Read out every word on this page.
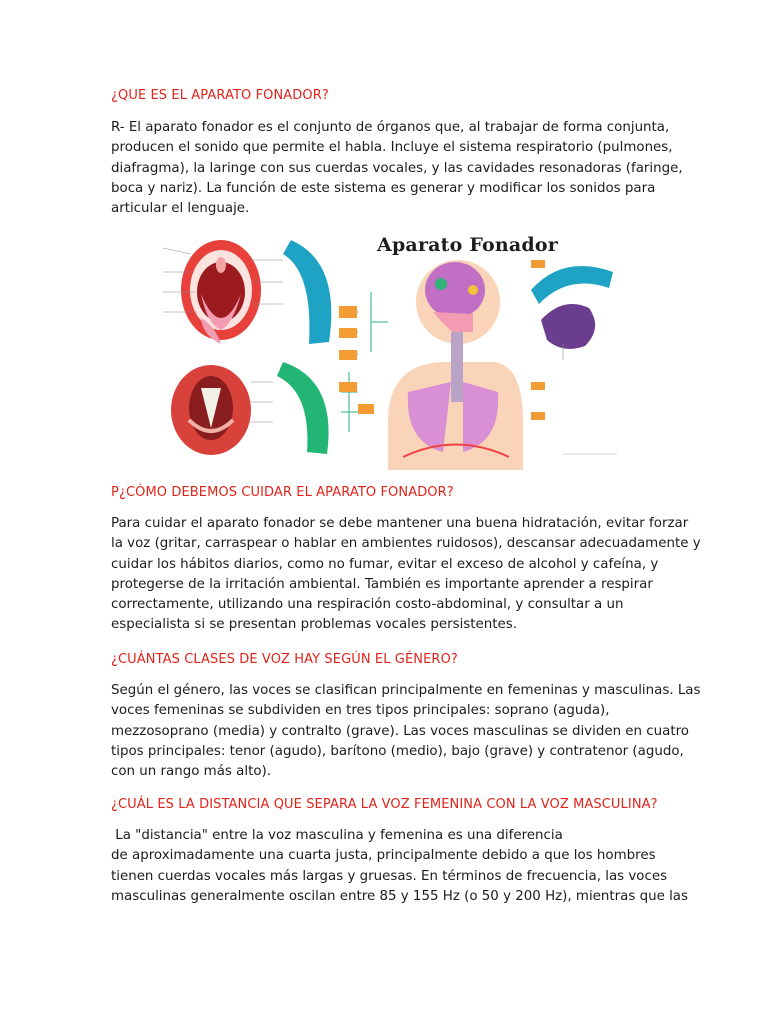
¿QUE ES EL APARATO FONADOR?

R- El aparato fonador es el conjunto de órganos que, al trabajar de forma conjunta,

producen el sonido que permite el habla. Incluye el sistema respiratorio (pulmones,

diafragma), la laringe con sus cuerdas vocales, y las cavidades resonadoras (faringe,

boca y nariz). La función de este sistema es generar y modificar los sonidos para

articular el lenguaje.

Aparato Fonador
P¿CÓMO DEBEMOS CUIDAR EL APARATO FONADOR?

Para cuidar el aparato fonador se debe mantener una buena hidratación, evitar forzar

la voz (gritar, carraspear o hablar en ambientes ruidosos), descansar adecuadamente y

cuidar los hábitos diarios, como no fumar, evitar el exceso de alcohol y cafeína, y

protegerse de la irritación ambiental. También es importante aprender a respirar

correctamente, utilizando una respiración costo-abdominal, y consultar a un

especialista si se presentan problemas vocales persistentes.

¿CUÁNTAS CLASES DE VOZ HAY SEGÚN EL GÉNERO?

Según el género, las voces se clasifican principalmente en femeninas y masculinas. Las

voces femeninas se subdividen en tres tipos principales: soprano (aguda),

mezzosoprano (media) y contralto (grave). Las voces masculinas se dividen en cuatro

tipos principales: tenor (agudo), barítono (medio), bajo (grave) y contratenor (agudo,

con un rango más alto).

¿CUÁL ES LA DISTANCIA QUE SEPARA LA VOZ FEMENINA CON LA VOZ MASCULINA?

La "distancia" entre la voz masculina y femenina es una diferencia

de aproximadamente una cuarta justa, principalmente debido a que los hombres

tienen cuerdas vocales más largas y gruesas. En términos de frecuencia, las voces

masculinas generalmente oscilan entre 85 y 155 Hz (o 50 y 200 Hz), mientras que las
